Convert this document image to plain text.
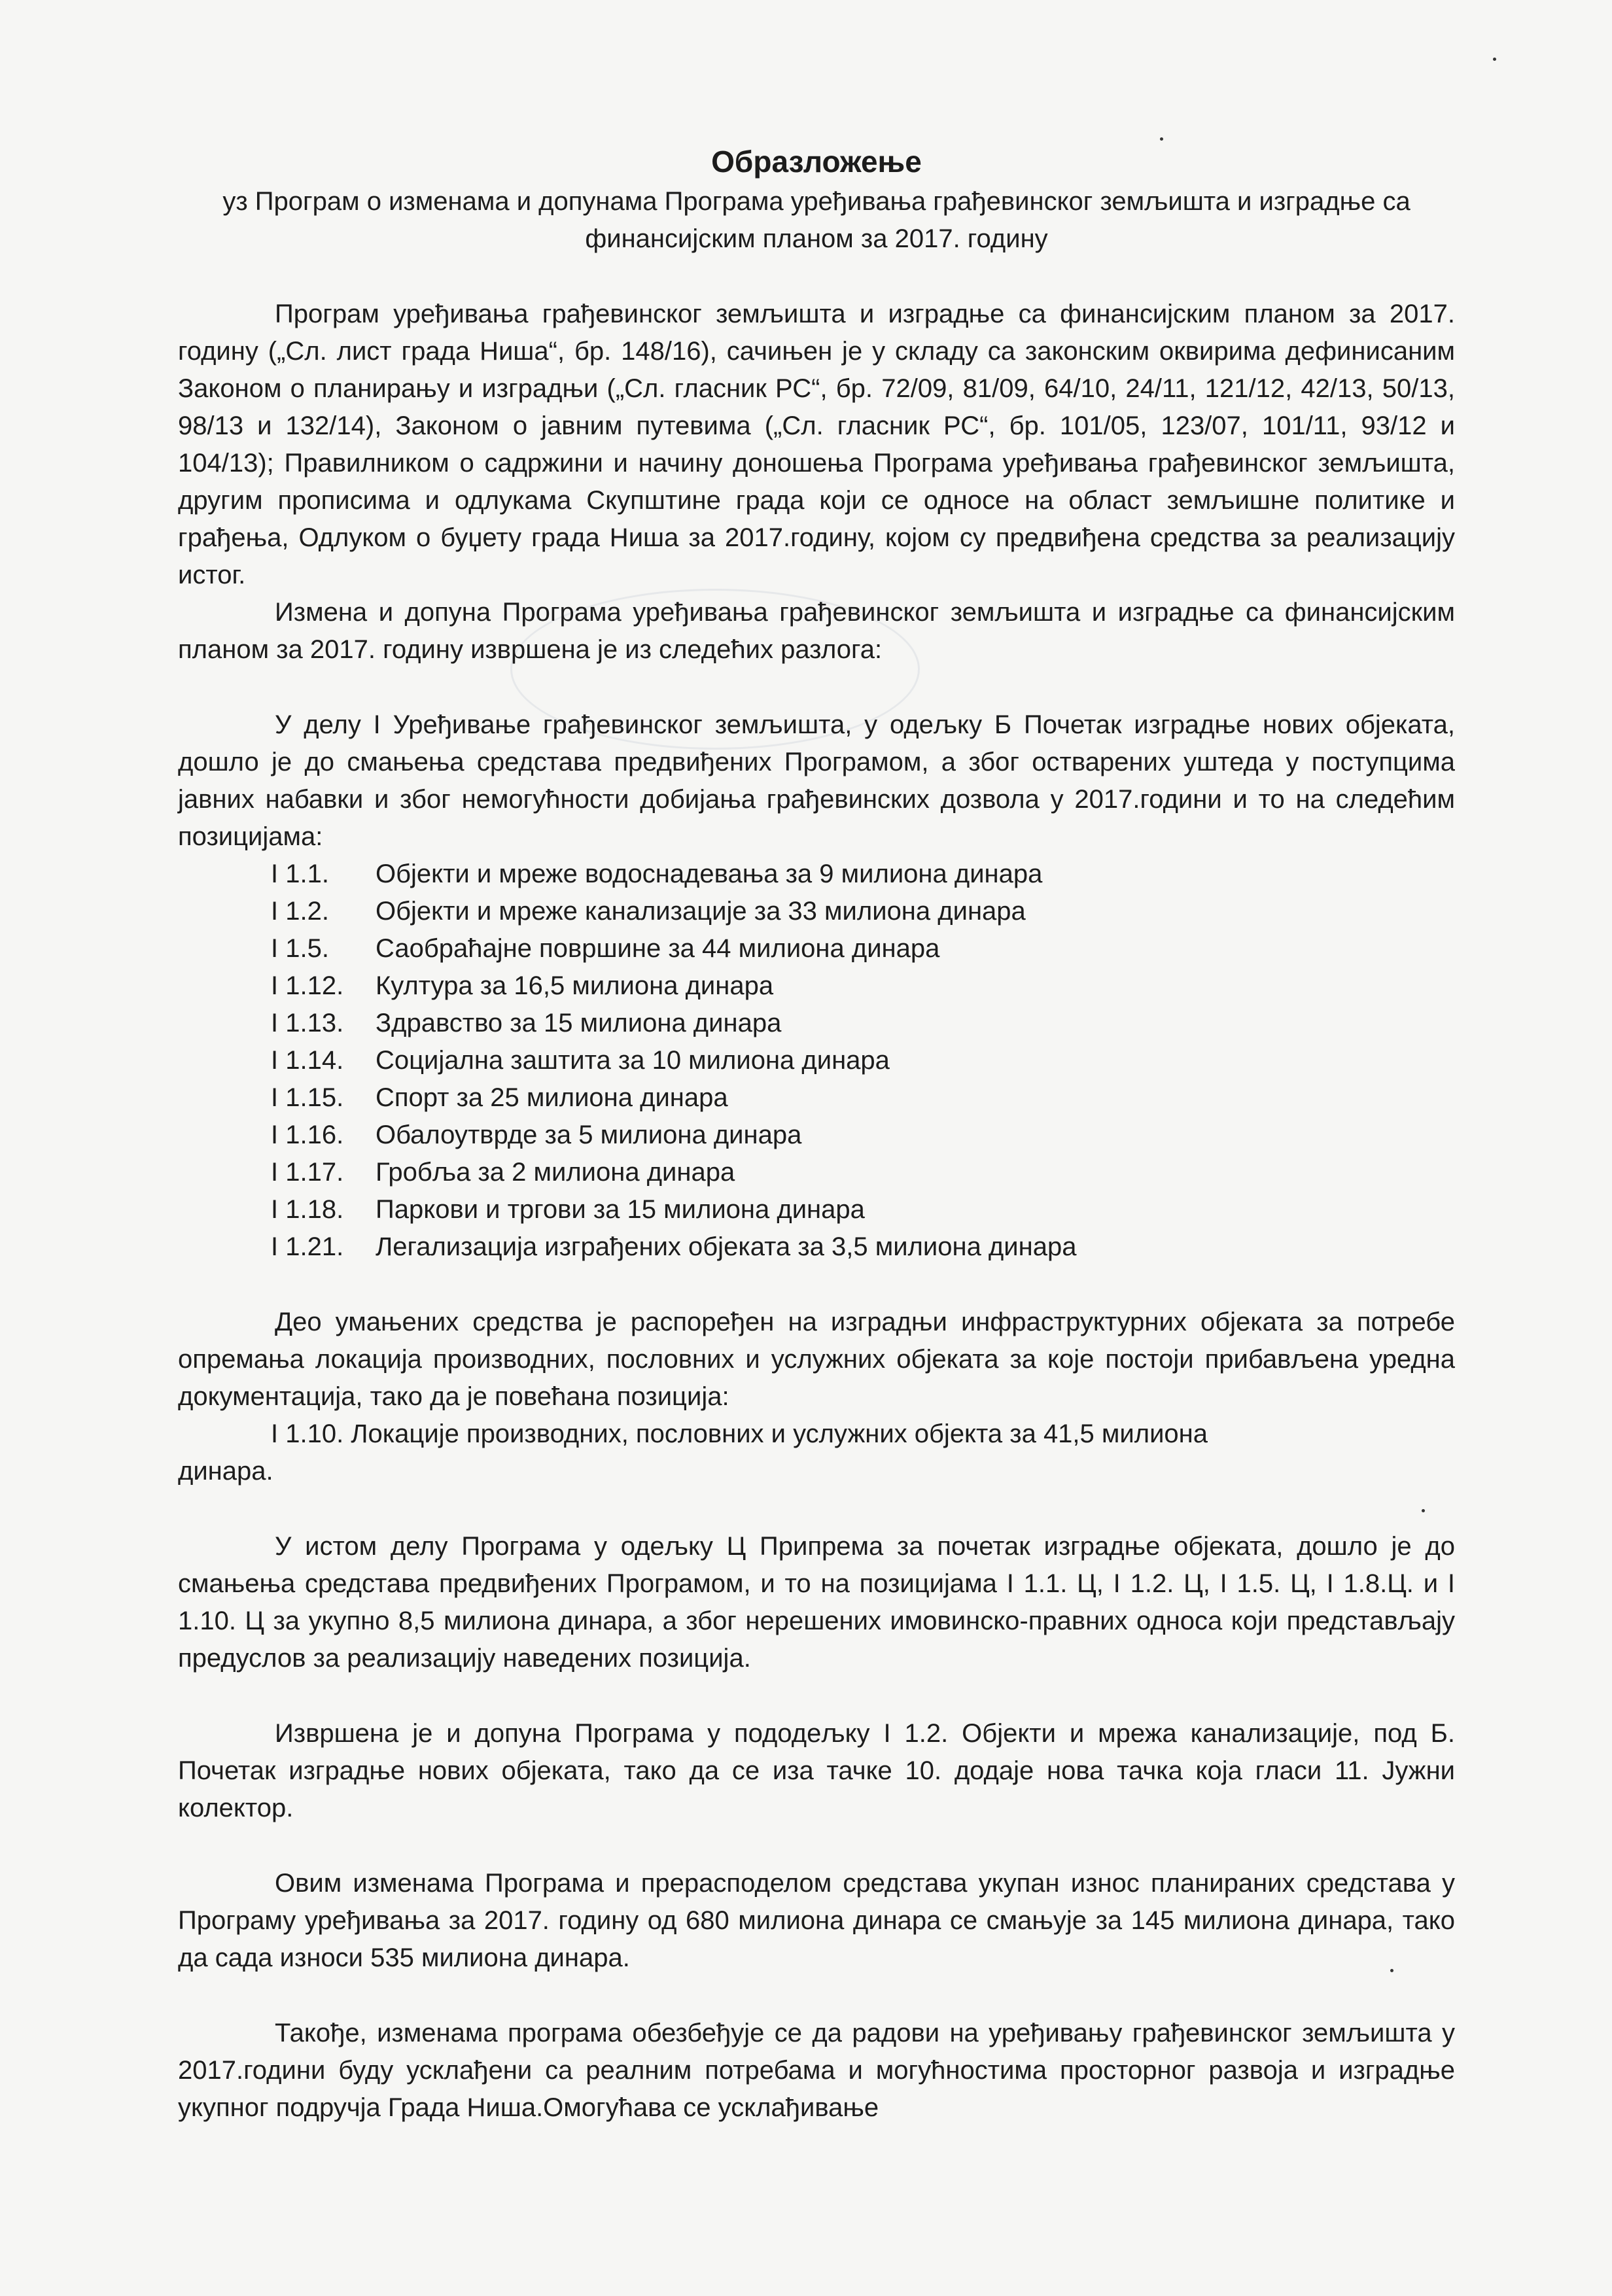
Образложење

уз Програм о изменама и допунама Програма уређивања грађевинског земљишта и изградње са финансијским планом за 2017. годину

Програм уређивања грађевинског земљишта и изградње са финансијским планом за 2017. годину („Сл. лист града Ниша“, бр. 148/16), сачињен је у складу са законским оквирима дефинисаним Законом о планирању и изградњи („Сл. гласник РС“, бр. 72/09, 81/09, 64/10, 24/11, 121/12, 42/13, 50/13, 98/13 и 132/14), Законом о јавним путевима („Сл. гласник РС“, бр. 101/05, 123/07, 101/11, 93/12 и 104/13); Правилником о садржини и начину доношења Програма уређивања грађевинског земљишта, другим прописима и одлукама Скупштине града који се односе на област земљишне политике и грађења, Одлуком о буџету града Ниша за 2017.годину, којом су предвиђена средства за реализацију истог.

Измена и допуна Програма уређивања грађевинског земљишта и изградње са финансијским планом за 2017. годину извршена је из следећих разлога:

У делу I Уређивање грађевинског земљишта, у одељку Б Почетак изградње нових објеката, дошло је до смањења средстава предвиђених Програмом, а због остварених уштеда у поступцима јавних набавки и због немогућности добијања грађевинских дозвола у 2017.години и то на следећим позицијама:

I 1.1.	Објекти и мреже водоснадевања за 9 милиона динара
I 1.2.	Објекти и мреже канализације за 33 милиона динара
I 1.5.	Саобраћајне површине за 44 милиона динара
I 1.12.	Култура за 16,5 милиона динара
I 1.13.	Здравство за 15 милиона динара
I 1.14.	Социјална заштита за 10 милиона динара
I 1.15.	Спорт за 25 милиона динара
I 1.16.	Обалоутврде за 5 милиона динара
I 1.17.	Гробља за 2 милиона динара
I 1.18.	Паркови и тргови за 15 милиона динара
I 1.21.	Легализација изграђених објеката за 3,5 милиона динара

Део умањених средства је распоређен на изградњи инфраструктурних објеката за потребе опремања локација производних, пословних и услужних објеката за које постоји прибављена уредна документација, тако да је повећана позиција:

I 1.10. Локације производних, пословних и услужних објекта за 41,5 милиона

динара.

У истом делу Програма у одељку Ц Припрема за почетак изградње објеката, дошло је до смањења средстава предвиђених Програмом, и то на позицијама I 1.1. Ц, I 1.2. Ц, I 1.5. Ц, I 1.8.Ц. и I 1.10. Ц за укупно 8,5 милиона динара, а због нерешених имовинско-правних односа који представљају предуслов за реализацију наведених позиција.

Извршена је и допуна Програма у пододељку I 1.2. Објекти и мрежа канализације, под Б. Почетак изградње нових објеката, тако да се иза тачке 10. додаје нова тачка која гласи 11. Јужни колектор.

Овим изменама Програма и прерасподелом средстава укупан износ планираних средстава у Програму уређивања за 2017. годину од 680 милиона динара се смањује за 145 милиона динара, тако да сада износи 535 милиона динара.

Такође, изменама програма обезбеђује се да радови на уређивању грађевинског земљишта у 2017.години буду усклађени са реалним потребама и могућностима просторног развоја и изградње укупног подручја Града Ниша.Омогућава се усклађивање
